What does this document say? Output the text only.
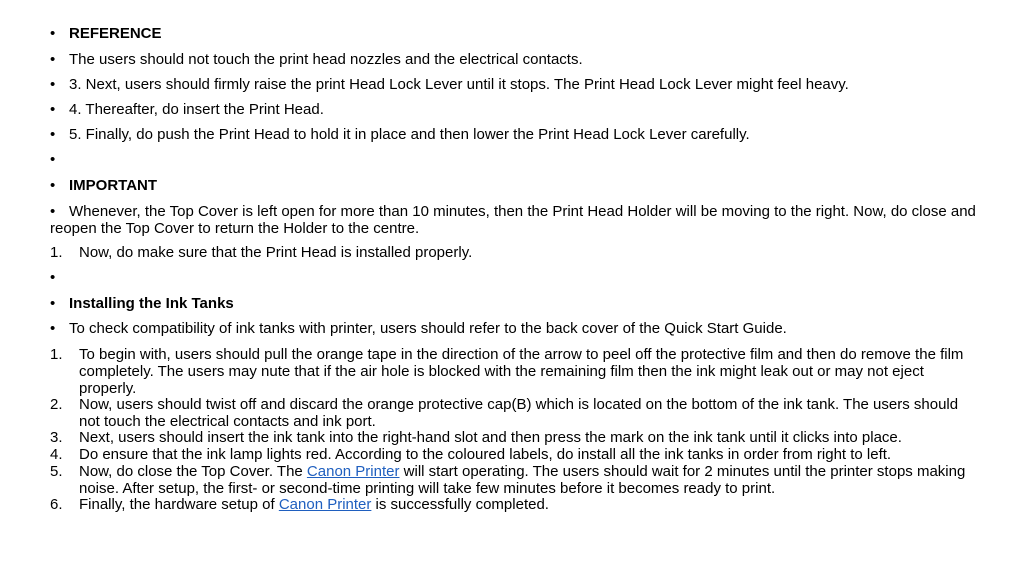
• REFERENCE
• The users should not touch the print head nozzles and the electrical contacts.
• 3. Next, users should firmly raise the print Head Lock Lever until it stops. The Print Head Lock Lever might feel heavy.
• 4. Thereafter, do insert the Print Head.
• 5. Finally, do push the Print Head to hold it in place and then lower the Print Head Lock Lever carefully.
•
• IMPORTANT
• Whenever, the Top Cover is left open for more than 10 minutes, then the Print Head Holder will be moving to the right. Now, do close and reopen the Top Cover to return the Holder to the centre.
1. Now, do make sure that the Print Head is installed properly.
•
• Installing the Ink Tanks
• To check compatibility of ink tanks with printer, users should refer to the back cover of the Quick Start Guide.
1. To begin with, users should pull the orange tape in the direction of the arrow to peel off the protective film and then do remove the film completely. The users may nute that if the air hole is blocked with the remaining film then the ink might leak out or may not eject properly.
2. Now, users should twist off and discard the orange protective cap(B) which is located on the bottom of the ink tank. The users should not touch the electrical contacts and ink port.
3. Next, users should insert the ink tank into the right-hand slot and then press the mark on the ink tank until it clicks into place.
4. Do ensure that the ink lamp lights red. According to the coloured labels, do install all the ink tanks in order from right to left.
5. Now, do close the Top Cover. The Canon Printer will start operating. The users should wait for 2 minutes until the printer stops making noise. After setup, the first- or second-time printing will take few minutes before it becomes ready to print.
6. Finally, the hardware setup of Canon Printer is successfully completed.
